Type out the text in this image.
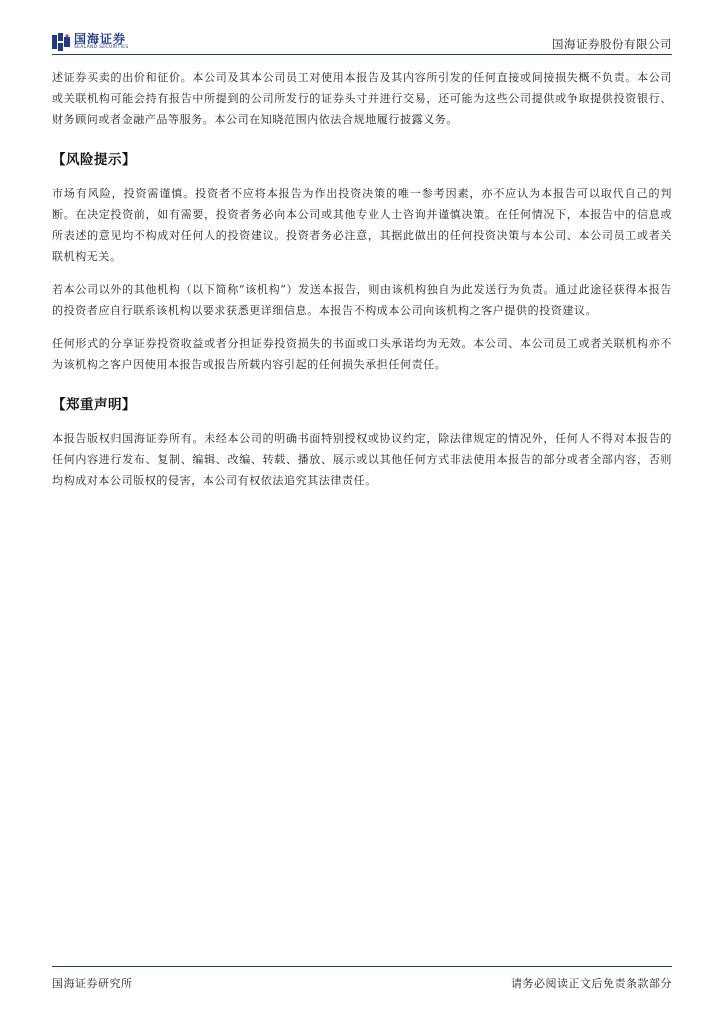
国海证券
SEALAND SECURITIES	国海证券股份有限公司

述证券买卖的出价和征价。本公司及其本公司员工对使用本报告及其内容所引发的任何直接或间接损失概不负责。本公司或关联机构可能会持有报告中所提到的公司所发行的证券头寸并进行交易，还可能为这些公司提供或争取提供投资银行、财务顾问或者金融产品等服务。本公司在知晓范围内依法合规地履行披露义务。

【风险提示】

市场有风险，投资需谨慎。投资者不应将本报告为作出投资决策的唯一参考因素，亦不应认为本报告可以取代自己的判断。在决定投资前，如有需要，投资者务必向本公司或其他专业人士咨询并谨慎决策。在任何情况下，本报告中的信息或所表述的意见均不构成对任何人的投资建议。投资者务必注意，其据此做出的任何投资决策与本公司、本公司员工或者关联机构无关。

若本公司以外的其他机构（以下简称“该机构”）发送本报告，则由该机构独自为此发送行为负责。通过此途径获得本报告的投资者应自行联系该机构以要求获悉更详细信息。本报告不构成本公司向该机构之客户提供的投资建议。

任何形式的分享证券投资收益或者分担证券投资损失的书面或口头承诺均为无效。本公司、本公司员工或者关联机构亦不为该机构之客户因使用本报告或报告所载内容引起的任何损失承担任何责任。

【郑重声明】

本报告版权归国海证券所有。未经本公司的明确书面特别授权或协议约定，除法律规定的情况外，任何人不得对本报告的任何内容进行发布、复制、编辑、改编、转载、播放、展示或以其他任何方式非法使用本报告的部分或者全部内容，否则均构成对本公司版权的侵害，本公司有权依法追究其法律责任。

国海证券研究所	请务必阅读正文后免责条款部分
